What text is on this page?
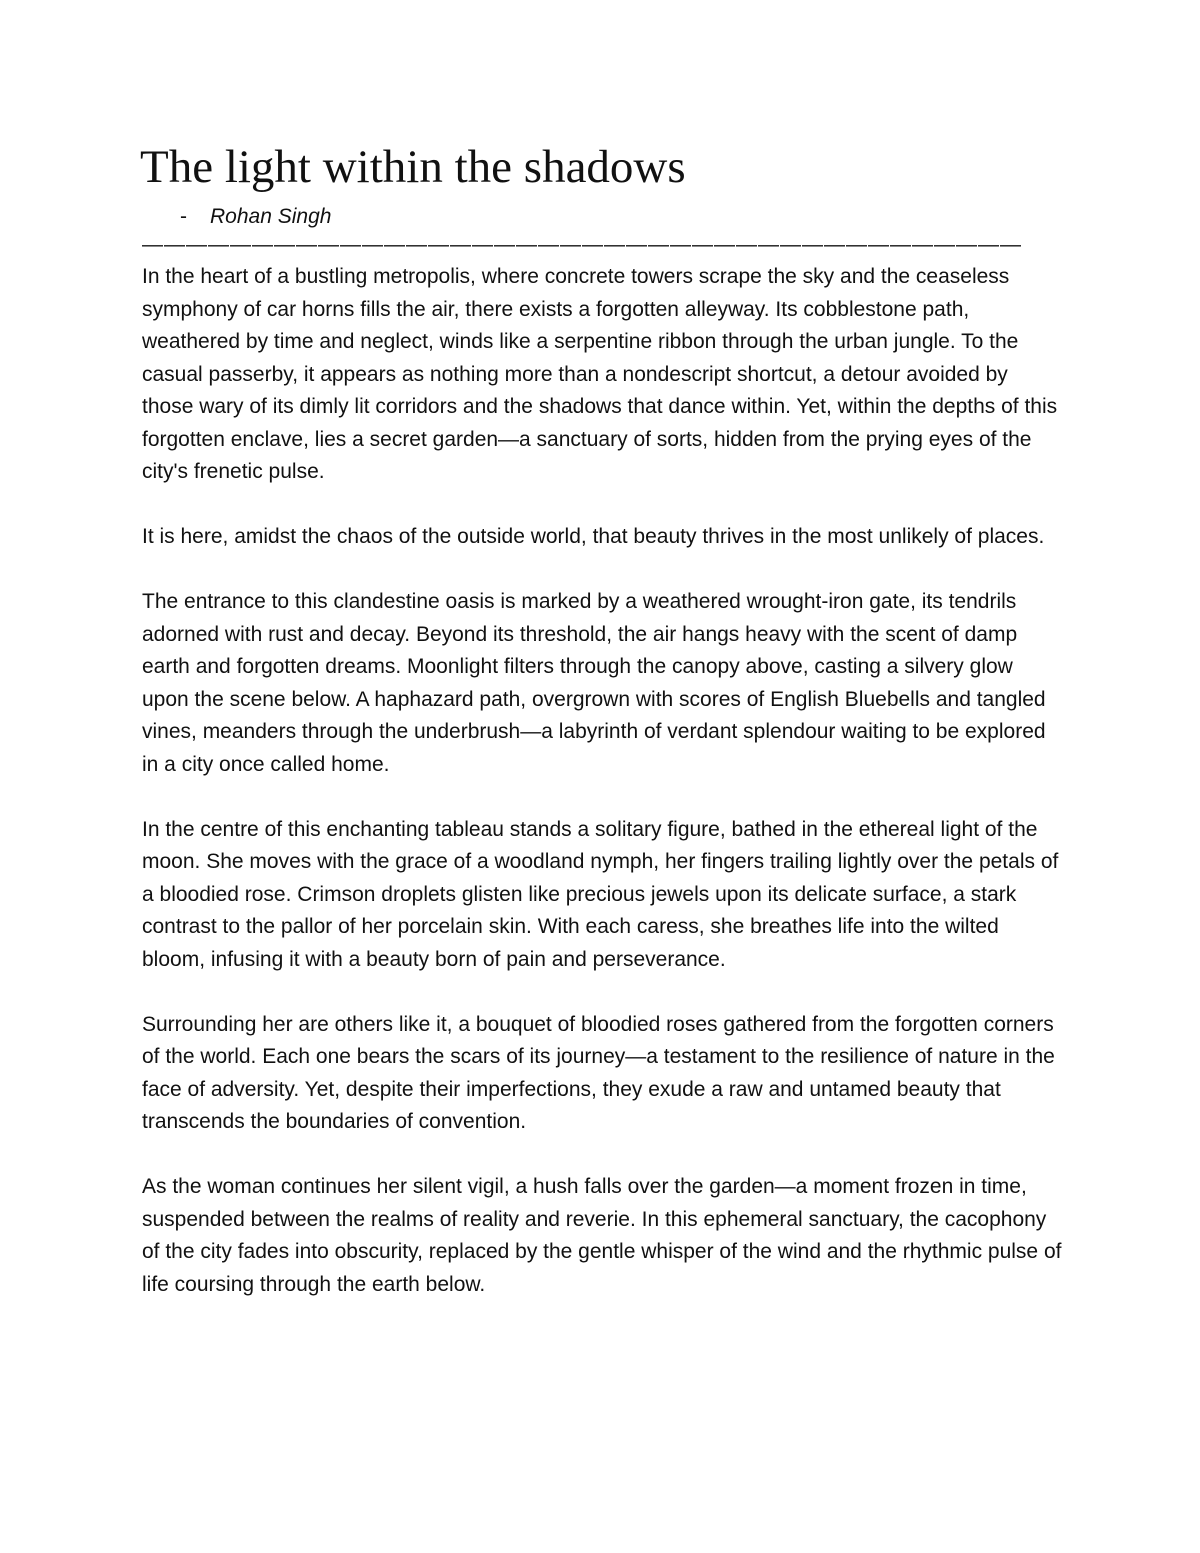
The light within the shadows
- Rohan Singh
————————————————————————————————————————

In the heart of a bustling metropolis, where concrete towers scrape the sky and the ceaseless symphony of car horns fills the air, there exists a forgotten alleyway. Its cobblestone path, weathered by time and neglect, winds like a serpentine ribbon through the urban jungle. To the casual passerby, it appears as nothing more than a nondescript shortcut, a detour avoided by those wary of its dimly lit corridors and the shadows that dance within. Yet, within the depths of this forgotten enclave, lies a secret garden—a sanctuary of sorts, hidden from the prying eyes of the city's frenetic pulse.

It is here, amidst the chaos of the outside world, that beauty thrives in the most unlikely of places.

The entrance to this clandestine oasis is marked by a weathered wrought-iron gate, its tendrils adorned with rust and decay. Beyond its threshold, the air hangs heavy with the scent of damp earth and forgotten dreams. Moonlight filters through the canopy above, casting a silvery glow upon the scene below. A haphazard path, overgrown with scores of English Bluebells and tangled vines, meanders through the underbrush—a labyrinth of verdant splendour waiting to be explored in a city once called home.

In the centre of this enchanting tableau stands a solitary figure, bathed in the ethereal light of the moon. She moves with the grace of a woodland nymph, her fingers trailing lightly over the petals of a bloodied rose. Crimson droplets glisten like precious jewels upon its delicate surface, a stark contrast to the pallor of her porcelain skin. With each caress, she breathes life into the wilted bloom, infusing it with a beauty born of pain and perseverance.

Surrounding her are others like it, a bouquet of bloodied roses gathered from the forgotten corners of the world. Each one bears the scars of its journey—a testament to the resilience of nature in the face of adversity. Yet, despite their imperfections, they exude a raw and untamed beauty that transcends the boundaries of convention.

As the woman continues her silent vigil, a hush falls over the garden—a moment frozen in time, suspended between the realms of reality and reverie. In this ephemeral sanctuary, the cacophony of the city fades into obscurity, replaced by the gentle whisper of the wind and the rhythmic pulse of life coursing through the earth below.
